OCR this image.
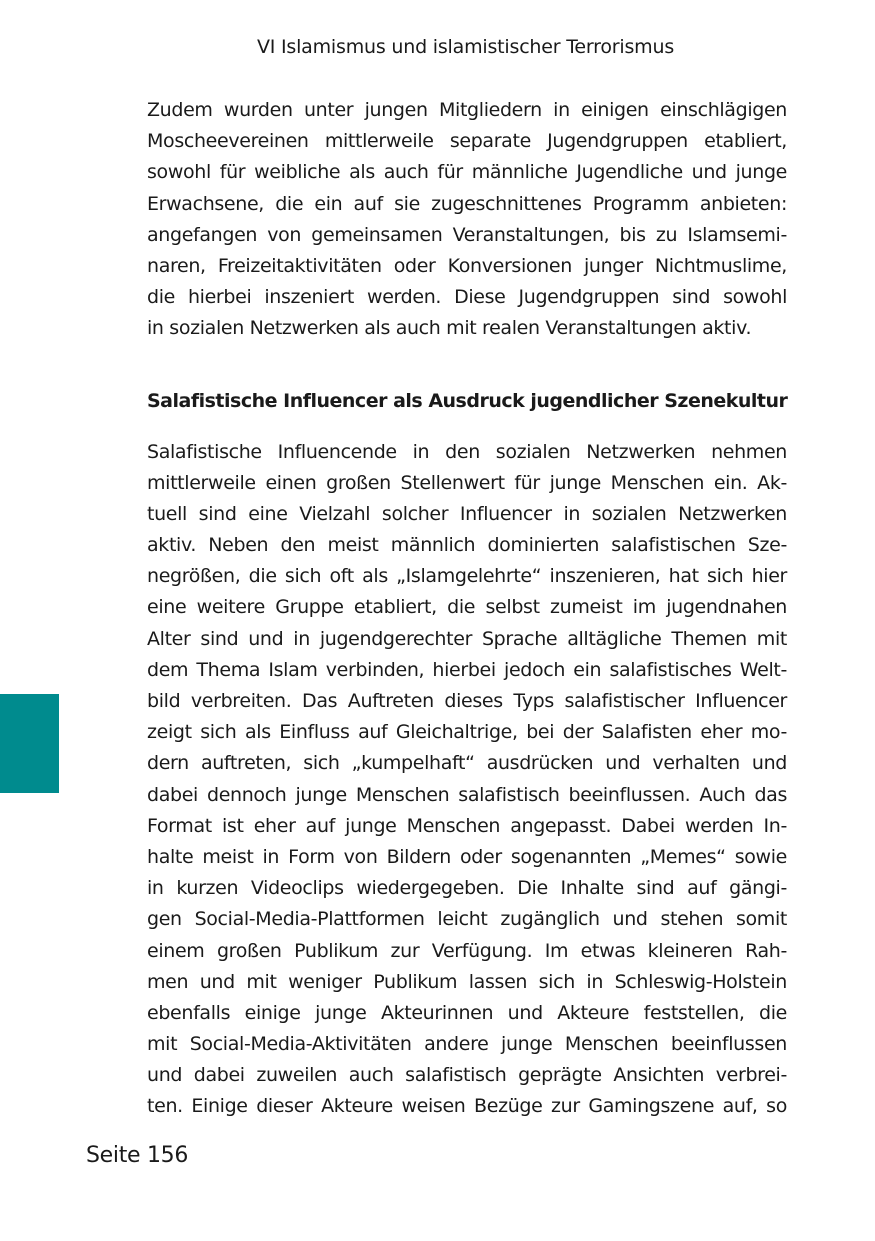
VI Islamismus und islamistischer Terrorismus
Zudem wurden unter jungen Mitgliedern in einigen einschlägigen
Moscheevereinen mittlerweile separate Jugendgruppen etabliert,
sowohl für weibliche als auch für männliche Jugendliche und junge
Erwachsene, die ein auf sie zugeschnittenes Programm anbieten:
angefangen von gemeinsamen Veranstaltungen, bis zu Islamsemi-
naren, Freizeitaktivitäten oder Konversionen junger Nichtmuslime,
die hierbei inszeniert werden. Diese Jugendgruppen sind sowohl
in sozialen Netzwerken als auch mit realen Veranstaltungen aktiv.
Salafistische Influencer als Ausdruck jugendlicher Szenekultur
Salafistische Influencende in den sozialen Netzwerken nehmen
mittlerweile einen großen Stellenwert für junge Menschen ein. Ak-
tuell sind eine Vielzahl solcher Influencer in sozialen Netzwerken
aktiv. Neben den meist männlich dominierten salafistischen Sze-
negrößen, die sich oft als „Islamgelehrte“ inszenieren, hat sich hier
eine weitere Gruppe etabliert, die selbst zumeist im jugendnahen
Alter sind und in jugendgerechter Sprache alltägliche Themen mit
dem Thema Islam verbinden, hierbei jedoch ein salafistisches Welt-
bild verbreiten. Das Auftreten dieses Typs salafistischer Influencer
zeigt sich als Einfluss auf Gleichaltrige, bei der Salafisten eher mo-
dern auftreten, sich „kumpelhaft“ ausdrücken und verhalten und
dabei dennoch junge Menschen salafistisch beeinflussen. Auch das
Format ist eher auf junge Menschen angepasst. Dabei werden In-
halte meist in Form von Bildern oder sogenannten „Memes“ sowie
in kurzen Videoclips wiedergegeben. Die Inhalte sind auf gängi-
gen Social-Media-Plattformen leicht zugänglich und stehen somit
einem großen Publikum zur Verfügung. Im etwas kleineren Rah-
men und mit weniger Publikum lassen sich in Schleswig-Holstein
ebenfalls einige junge Akteurinnen und Akteure feststellen, die
mit Social-Media-Aktivitäten andere junge Menschen beeinflussen
und dabei zuweilen auch salafistisch geprägte Ansichten verbrei-
ten. Einige dieser Akteure weisen Bezüge zur Gamingszene auf, so
Seite 156
